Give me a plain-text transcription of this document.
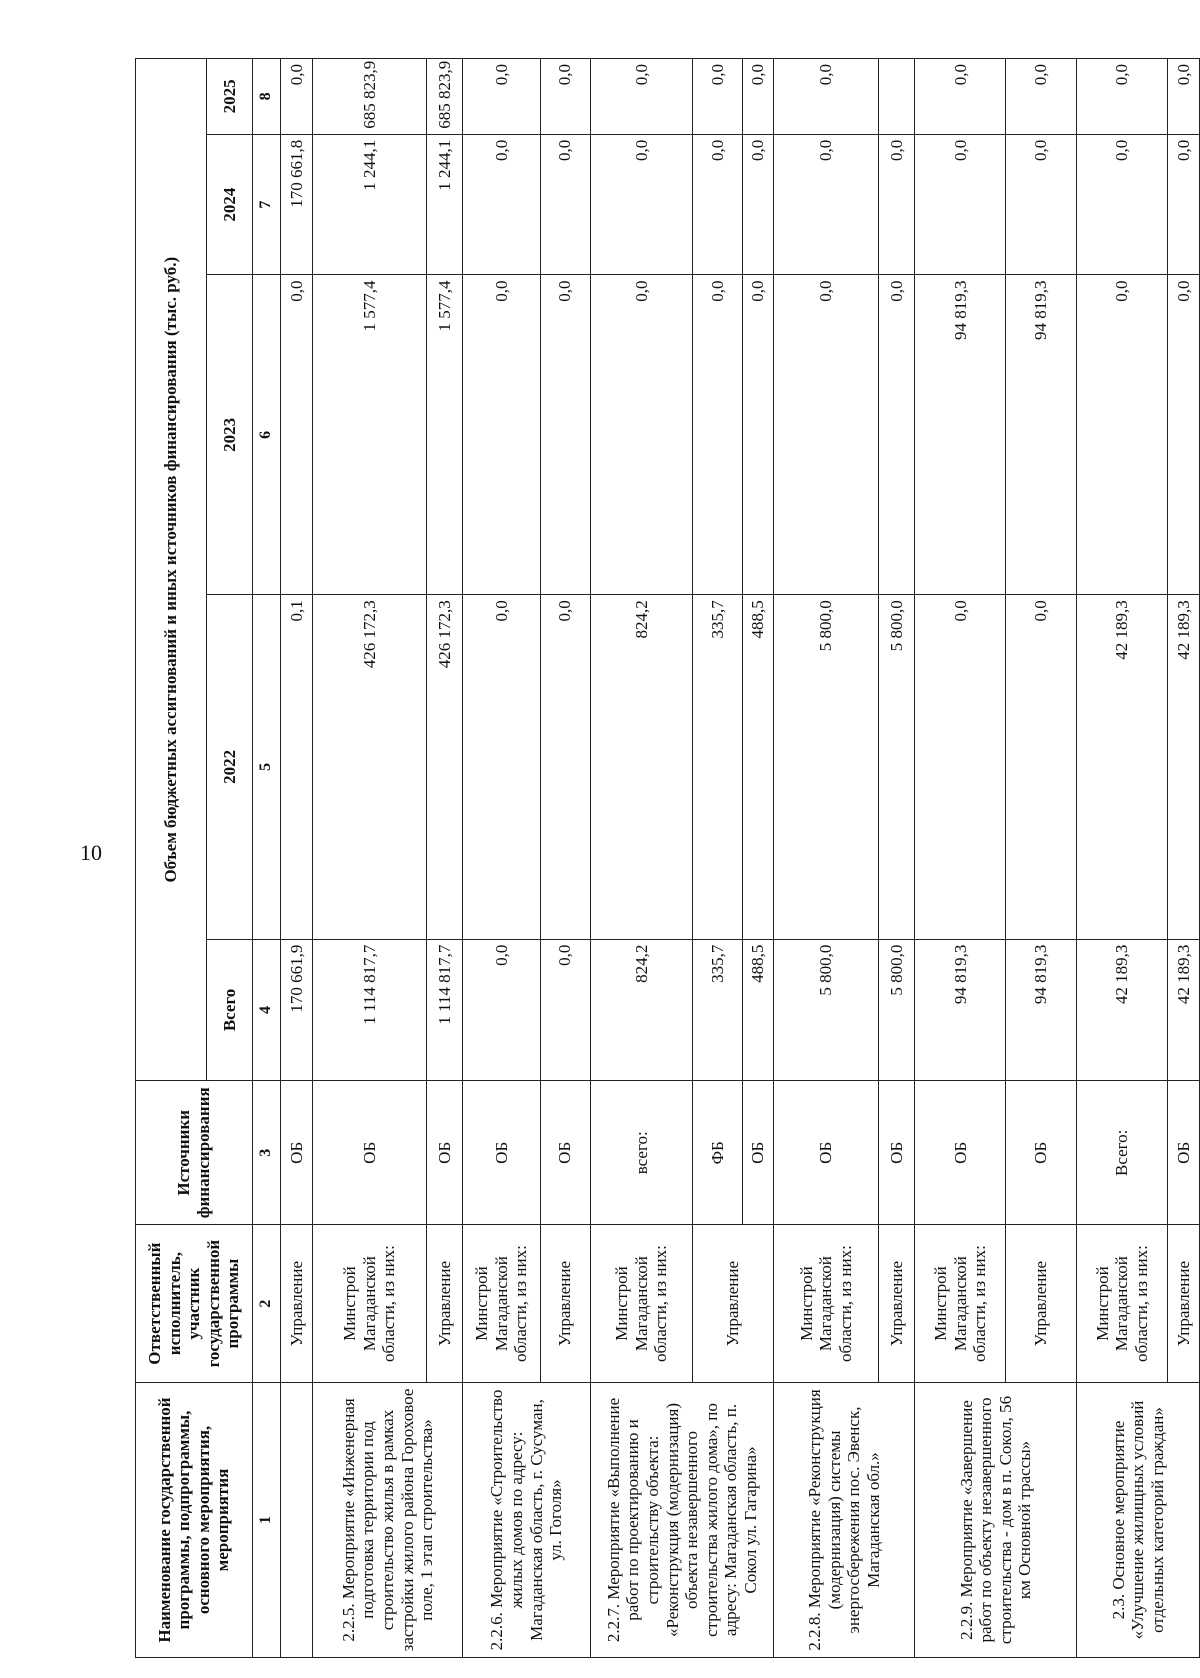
10
Наименование государственной программы, подпрограммы, основного мероприятия, мероприятия	Ответственный исполнитель, участник государственной программы	Источники финансирования	Объем бюджетных ассигнований и иных источников финансирования (тыс. руб.)				
			Всего	2022	2023	2024	2025
1	2	3	4	5	6	7	8
	Управление	ОБ	170 661,9	0,1	0,0	170 661,8	0,0
2.2.5. Мероприятие «Инженерная подготовка территории под строительство жилья в рамках застройки жилого района Гороховое поле, 1 этап строительства»	Минстрой Магаданской области, из них:	ОБ	1 114 817,7	426 172,3	1 577,4	1 244,1	685 823,9
	Управление	ОБ	1 114 817,7	426 172,3	1 577,4	1 244,1	685 823,9
2.2.6. Мероприятие «Строительство жилых домов по адресу: Магаданская область, г. Сусуман, ул. Гоголя»	Минстрой Магаданской области, из них:	ОБ	0,0	0,0	0,0	0,0	0,0
	Управление	ОБ	0,0	0,0	0,0	0,0	0,0
2.2.7. Мероприятие «Выполнение работ по проектированию и строительству объекта: «Реконструкция (модернизация) объекта незавершенного строительства жилого дома», по адресу: Магаданская область, п. Сокол ул. Гагарина»	Минстрой Магаданской области, из них:	всего:	824,2	824,2	0,0	0,0	0,0
	Управление	ФБ	335,7	335,7	0,0	0,0	0,0
		ОБ	488,5	488,5	0,0	0,0	0,0
2.2.8. Мероприятие «Реконструкция (модернизация) системы энергосбережения пос. Эвенск, Магаданская обл.»	Минстрой Магаданской области, из них:	ОБ	5 800,0	5 800,0	0,0	0,0	0,0
	Управление	ОБ	5 800,0	5 800,0	0,0	0,0	
2.2.9. Мероприятие «Завершение работ по объекту незавершенного строительства - дом в п. Сокол, 56 км Основной трассы»	Минстрой Магаданской области, из них:	ОБ	94 819,3	0,0	94 819,3	0,0	0,0
	Управление	ОБ	94 819,3	0,0	94 819,3	0,0	0,0
2.3. Основное мероприятие «Улучшение жилищных условий отдельных категорий граждан»	Минстрой Магаданской области, из них:	Всего:	42 189,3	42 189,3	0,0	0,0	0,0
	Управление	ОБ	42 189,3	42 189,3	0,0	0,0	0,0
